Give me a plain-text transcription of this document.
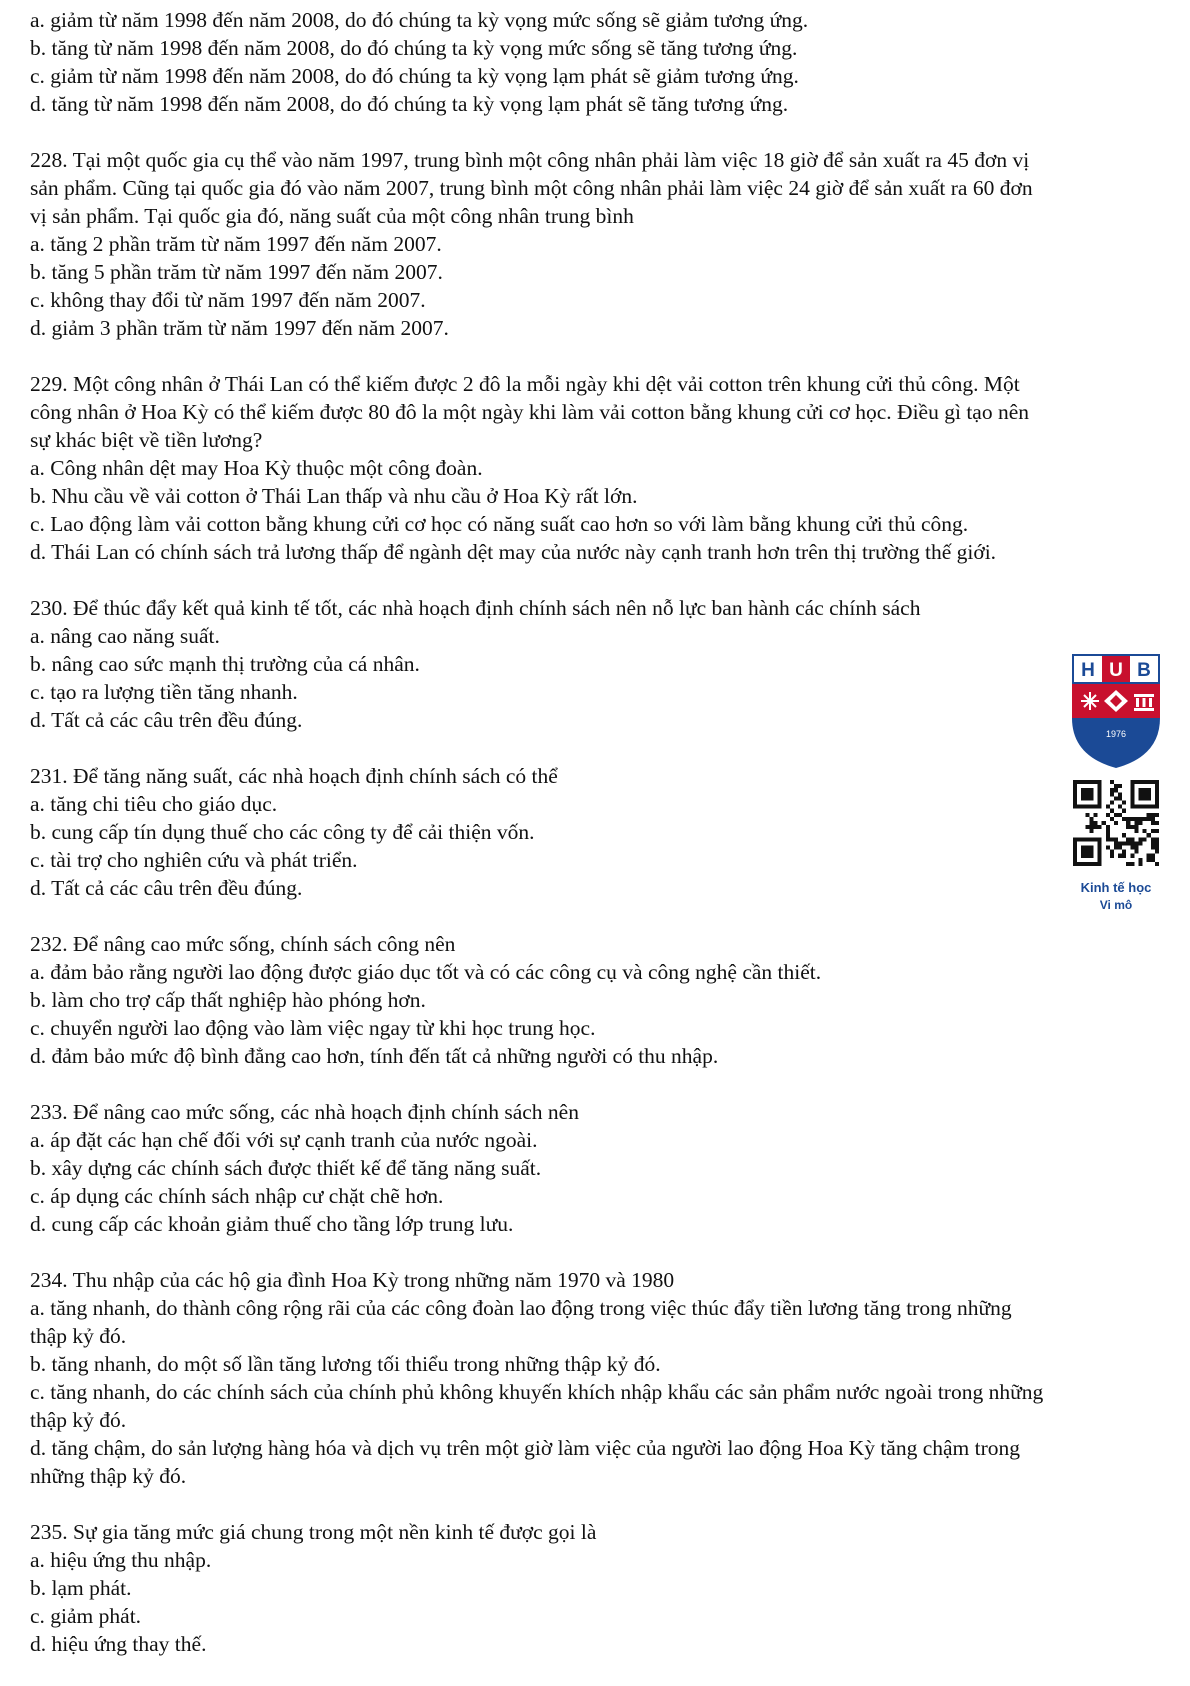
a. giảm từ năm 1998 đến năm 2008, do đó chúng ta kỳ vọng mức sống sẽ giảm tương ứng.
b. tăng từ năm 1998 đến năm 2008, do đó chúng ta kỳ vọng mức sống sẽ tăng tương ứng.
c. giảm từ năm 1998 đến năm 2008, do đó chúng ta kỳ vọng lạm phát sẽ giảm tương ứng.
d. tăng từ năm 1998 đến năm 2008, do đó chúng ta kỳ vọng lạm phát sẽ tăng tương ứng.
228. Tại một quốc gia cụ thể vào năm 1997, trung bình một công nhân phải làm việc 18 giờ để sản xuất ra 45 đơn vị
sản phẩm. Cũng tại quốc gia đó vào năm 2007, trung bình một công nhân phải làm việc 24 giờ để sản xuất ra 60 đơn
vị sản phẩm. Tại quốc gia đó, năng suất của một công nhân trung bình
a. tăng 2 phần trăm từ năm 1997 đến năm 2007.
b. tăng 5 phần trăm từ năm 1997 đến năm 2007.
c. không thay đổi từ năm 1997 đến năm 2007.
d. giảm 3 phần trăm từ năm 1997 đến năm 2007.
229. Một công nhân ở Thái Lan có thể kiếm được 2 đô la mỗi ngày khi dệt vải cotton trên khung cửi thủ công. Một
công nhân ở Hoa Kỳ có thể kiếm được 80 đô la một ngày khi làm vải cotton bằng khung cửi cơ học. Điều gì tạo nên
sự khác biệt về tiền lương?
a. Công nhân dệt may Hoa Kỳ thuộc một công đoàn.
b. Nhu cầu về vải cotton ở Thái Lan thấp và nhu cầu ở Hoa Kỳ rất lớn.
c. Lao động làm vải cotton bằng khung cửi cơ học có năng suất cao hơn so với làm bằng khung cửi thủ công.
d. Thái Lan có chính sách trả lương thấp để ngành dệt may của nước này cạnh tranh hơn trên thị trường thế giới.
230. Để thúc đẩy kết quả kinh tế tốt, các nhà hoạch định chính sách nên nỗ lực ban hành các chính sách
a. nâng cao năng suất.
b. nâng cao sức mạnh thị trường của cá nhân.
c. tạo ra lượng tiền tăng nhanh.
d. Tất cả các câu trên đều đúng.
231. Để tăng năng suất, các nhà hoạch định chính sách có thể
a. tăng chi tiêu cho giáo dục.
b. cung cấp tín dụng thuế cho các công ty để cải thiện vốn.
c. tài trợ cho nghiên cứu và phát triển.
d. Tất cả các câu trên đều đúng.
232. Để nâng cao mức sống, chính sách công nên
a. đảm bảo rằng người lao động được giáo dục tốt và có các công cụ và công nghệ cần thiết.
b. làm cho trợ cấp thất nghiệp hào phóng hơn.
c. chuyển người lao động vào làm việc ngay từ khi học trung học.
d. đảm bảo mức độ bình đẳng cao hơn, tính đến tất cả những người có thu nhập.
233. Để nâng cao mức sống, các nhà hoạch định chính sách nên
a. áp đặt các hạn chế đối với sự cạnh tranh của nước ngoài.
b. xây dựng các chính sách được thiết kế để tăng năng suất.
c. áp dụng các chính sách nhập cư chặt chẽ hơn.
d. cung cấp các khoản giảm thuế cho tầng lớp trung lưu.
234. Thu nhập của các hộ gia đình Hoa Kỳ trong những năm 1970 và 1980
a. tăng nhanh, do thành công rộng rãi của các công đoàn lao động trong việc thúc đẩy tiền lương tăng trong những
thập kỷ đó.
b. tăng nhanh, do một số lần tăng lương tối thiểu trong những thập kỷ đó.
c. tăng nhanh, do các chính sách của chính phủ không khuyến khích nhập khẩu các sản phẩm nước ngoài trong những
thập kỷ đó.
d. tăng chậm, do sản lượng hàng hóa và dịch vụ trên một giờ làm việc của người lao động Hoa Kỳ tăng chậm trong
những thập kỷ đó.
235. Sự gia tăng mức giá chung trong một nền kinh tế được gọi là
a. hiệu ứng thu nhập.
b. lạm phát.
c. giảm phát.
d. hiệu ứng thay thế.
H U B
1976
Kinh tế học
Vi mô
